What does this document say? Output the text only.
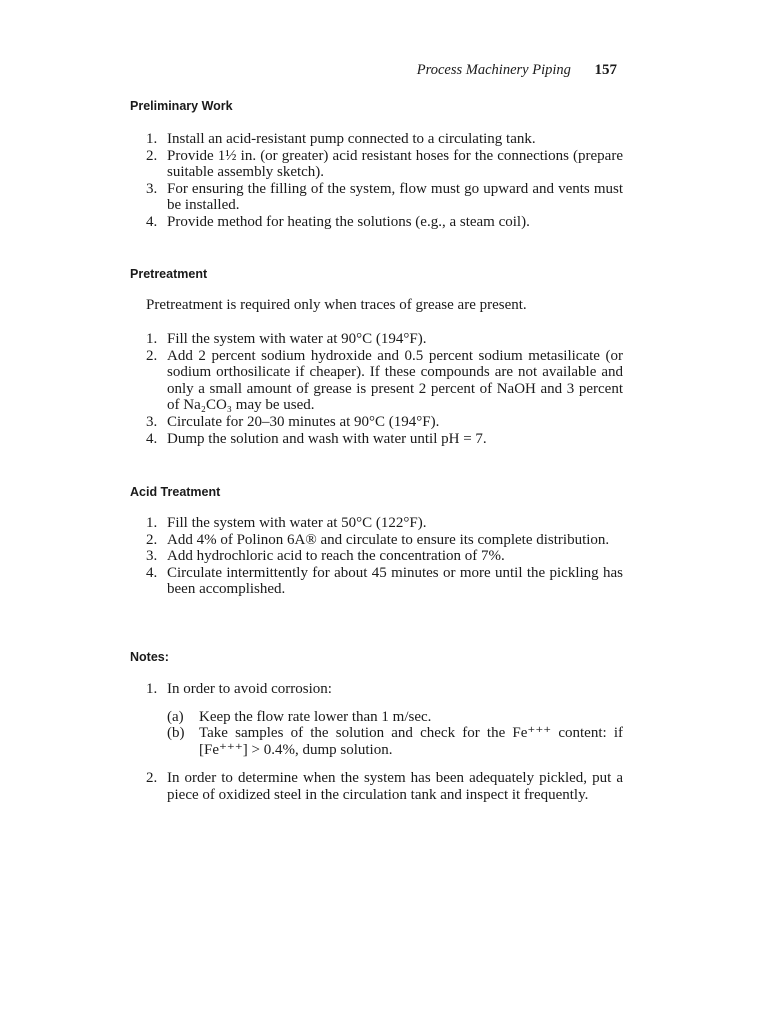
Process Machinery Piping 157
Preliminary Work
1. Install an acid-resistant pump connected to a circulating tank.
2. Provide 1½ in. (or greater) acid resistant hoses for the connections (prepare suitable assembly sketch).
3. For ensuring the filling of the system, flow must go upward and vents must be installed.
4. Provide method for heating the solutions (e.g., a steam coil).
Pretreatment
Pretreatment is required only when traces of grease are present.
1. Fill the system with water at 90°C (194°F).
2. Add 2 percent sodium hydroxide and 0.5 percent sodium metasilicate (or sodium orthosilicate if cheaper). If these compounds are not available and only a small amount of grease is present 2 percent of NaOH and 3 percent of Na₂CO₃ may be used.
3. Circulate for 20–30 minutes at 90°C (194°F).
4. Dump the solution and wash with water until pH = 7.
Acid Treatment
1. Fill the system with water at 50°C (122°F).
2. Add 4% of Polinon 6A® and circulate to ensure its complete distribution.
3. Add hydrochloric acid to reach the concentration of 7%.
4. Circulate intermittently for about 45 minutes or more until the pickling has been accomplished.
Notes:
1. In order to avoid corrosion:
(a) Keep the flow rate lower than 1 m/sec.
(b) Take samples of the solution and check for the Fe⁺⁺⁺ content: if [Fe⁺⁺⁺] > 0.4%, dump solution.
2. In order to determine when the system has been adequately pickled, put a piece of oxidized steel in the circulation tank and inspect it frequently.
